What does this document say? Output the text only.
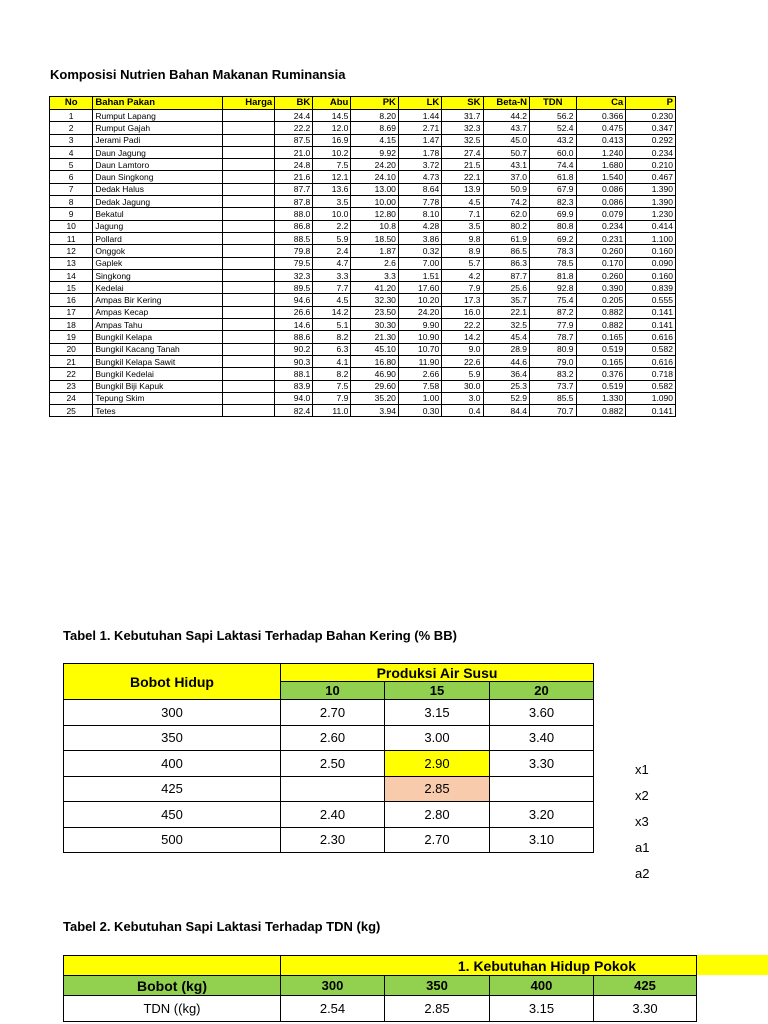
Komposisi Nutrien Bahan Makanan Ruminansia
No	Bahan Pakan	Harga	BK	Abu	PK	LK	SK	Beta-N	TDN	Ca	P
1	Rumput Lapang		24.4	14.5	8.20	1.44	31.7	44.2	56.2	0.366	0.230
2	Rumput Gajah		22.2	12.0	8.69	2.71	32.3	43.7	52.4	0.475	0.347
3	Jerami Padi		87.5	16.9	4.15	1.47	32.5	45.0	43.2	0.413	0.292
4	Daun Jagung		21.0	10.2	9.92	1.78	27.4	50.7	60.0	1.240	0.234
5	Daun Lamtoro		24.8	7.5	24.20	3.72	21.5	43.1	74.4	1.680	0.210
6	Daun Singkong		21.6	12.1	24.10	4.73	22.1	37.0	61.8	1.540	0.467
7	Dedak Halus		87.7	13.6	13.00	8.64	13.9	50.9	67.9	0.086	1.390
8	Dedak Jagung		87.8	3.5	10.00	7.78	4.5	74.2	82.3	0.086	1.390
9	Bekatul		88.0	10.0	12.80	8.10	7.1	62.0	69.9	0.079	1.230
10	Jagung		86.8	2.2	10.8	4.28	3.5	80.2	80.8	0.234	0.414
11	Pollard		88.5	5.9	18.50	3.86	9.8	61.9	69.2	0.231	1.100
12	Onggok		79.8	2.4	1.87	0.32	8.9	86.5	78.3	0.260	0.160
13	Gaplek		79.5	4.7	2.6	7.00	5.7	86.3	78.5	0.170	0.090
14	Singkong		32.3	3.3	3.3	1.51	4.2	87.7	81.8	0.260	0.160
15	Kedelai		89.5	7.7	41.20	17.60	7.9	25.6	92.8	0.390	0.839
16	Ampas Bir Kering		94.6	4.5	32.30	10.20	17.3	35.7	75.4	0.205	0.555
17	Ampas Kecap		26.6	14.2	23.50	24.20	16.0	22.1	87.2	0.882	0.141
18	Ampas Tahu		14.6	5.1	30.30	9.90	22.2	32.5	77.9	0.882	0.141
19	Bungkil Kelapa		88.6	8.2	21.30	10.90	14.2	45.4	78.7	0.165	0.616
20	Bungkil Kacang Tanah		90.2	6.3	45.10	10.70	9.0	28.9	80.9	0.519	0.582
21	Bungkil Kelapa Sawit		90.3	4.1	16.80	11.90	22.6	44.6	79.0	0.165	0.616
22	Bungkil Kedelai		88.1	8.2	46.90	2.66	5.9	36.4	83.2	0.376	0.718
23	Bungkil Biji Kapuk		83.9	7.5	29.60	7.58	30.0	25.3	73.7	0.519	0.582
24	Tepung Skim		94.0	7.9	35.20	1.00	3.0	52.9	85.5	1.330	1.090
25	Tetes		82.4	11.0	3.94	0.30	0.4	84.4	70.7	0.882	0.141
Tabel 1. Kebutuhan Sapi Laktasi Terhadap Bahan Kering (% BB)
Bobot Hidup	Produksi Air Susu		
	10	15	20
300	2.70	3.15	3.60
350	2.60	3.00	3.40
400	2.50	2.90	3.30
425		2.85	
450	2.40	2.80	3.20
500	2.30	2.70	3.10
x1
x2
x3
a1
a2
Tabel 2. Kebutuhan Sapi Laktasi Terhadap TDN (kg)
	1. Kebutuhan Hidup Pokok			
Bobot (kg)	300	350	400	425
TDN ((kg)	2.54	2.85	3.15	3.30
